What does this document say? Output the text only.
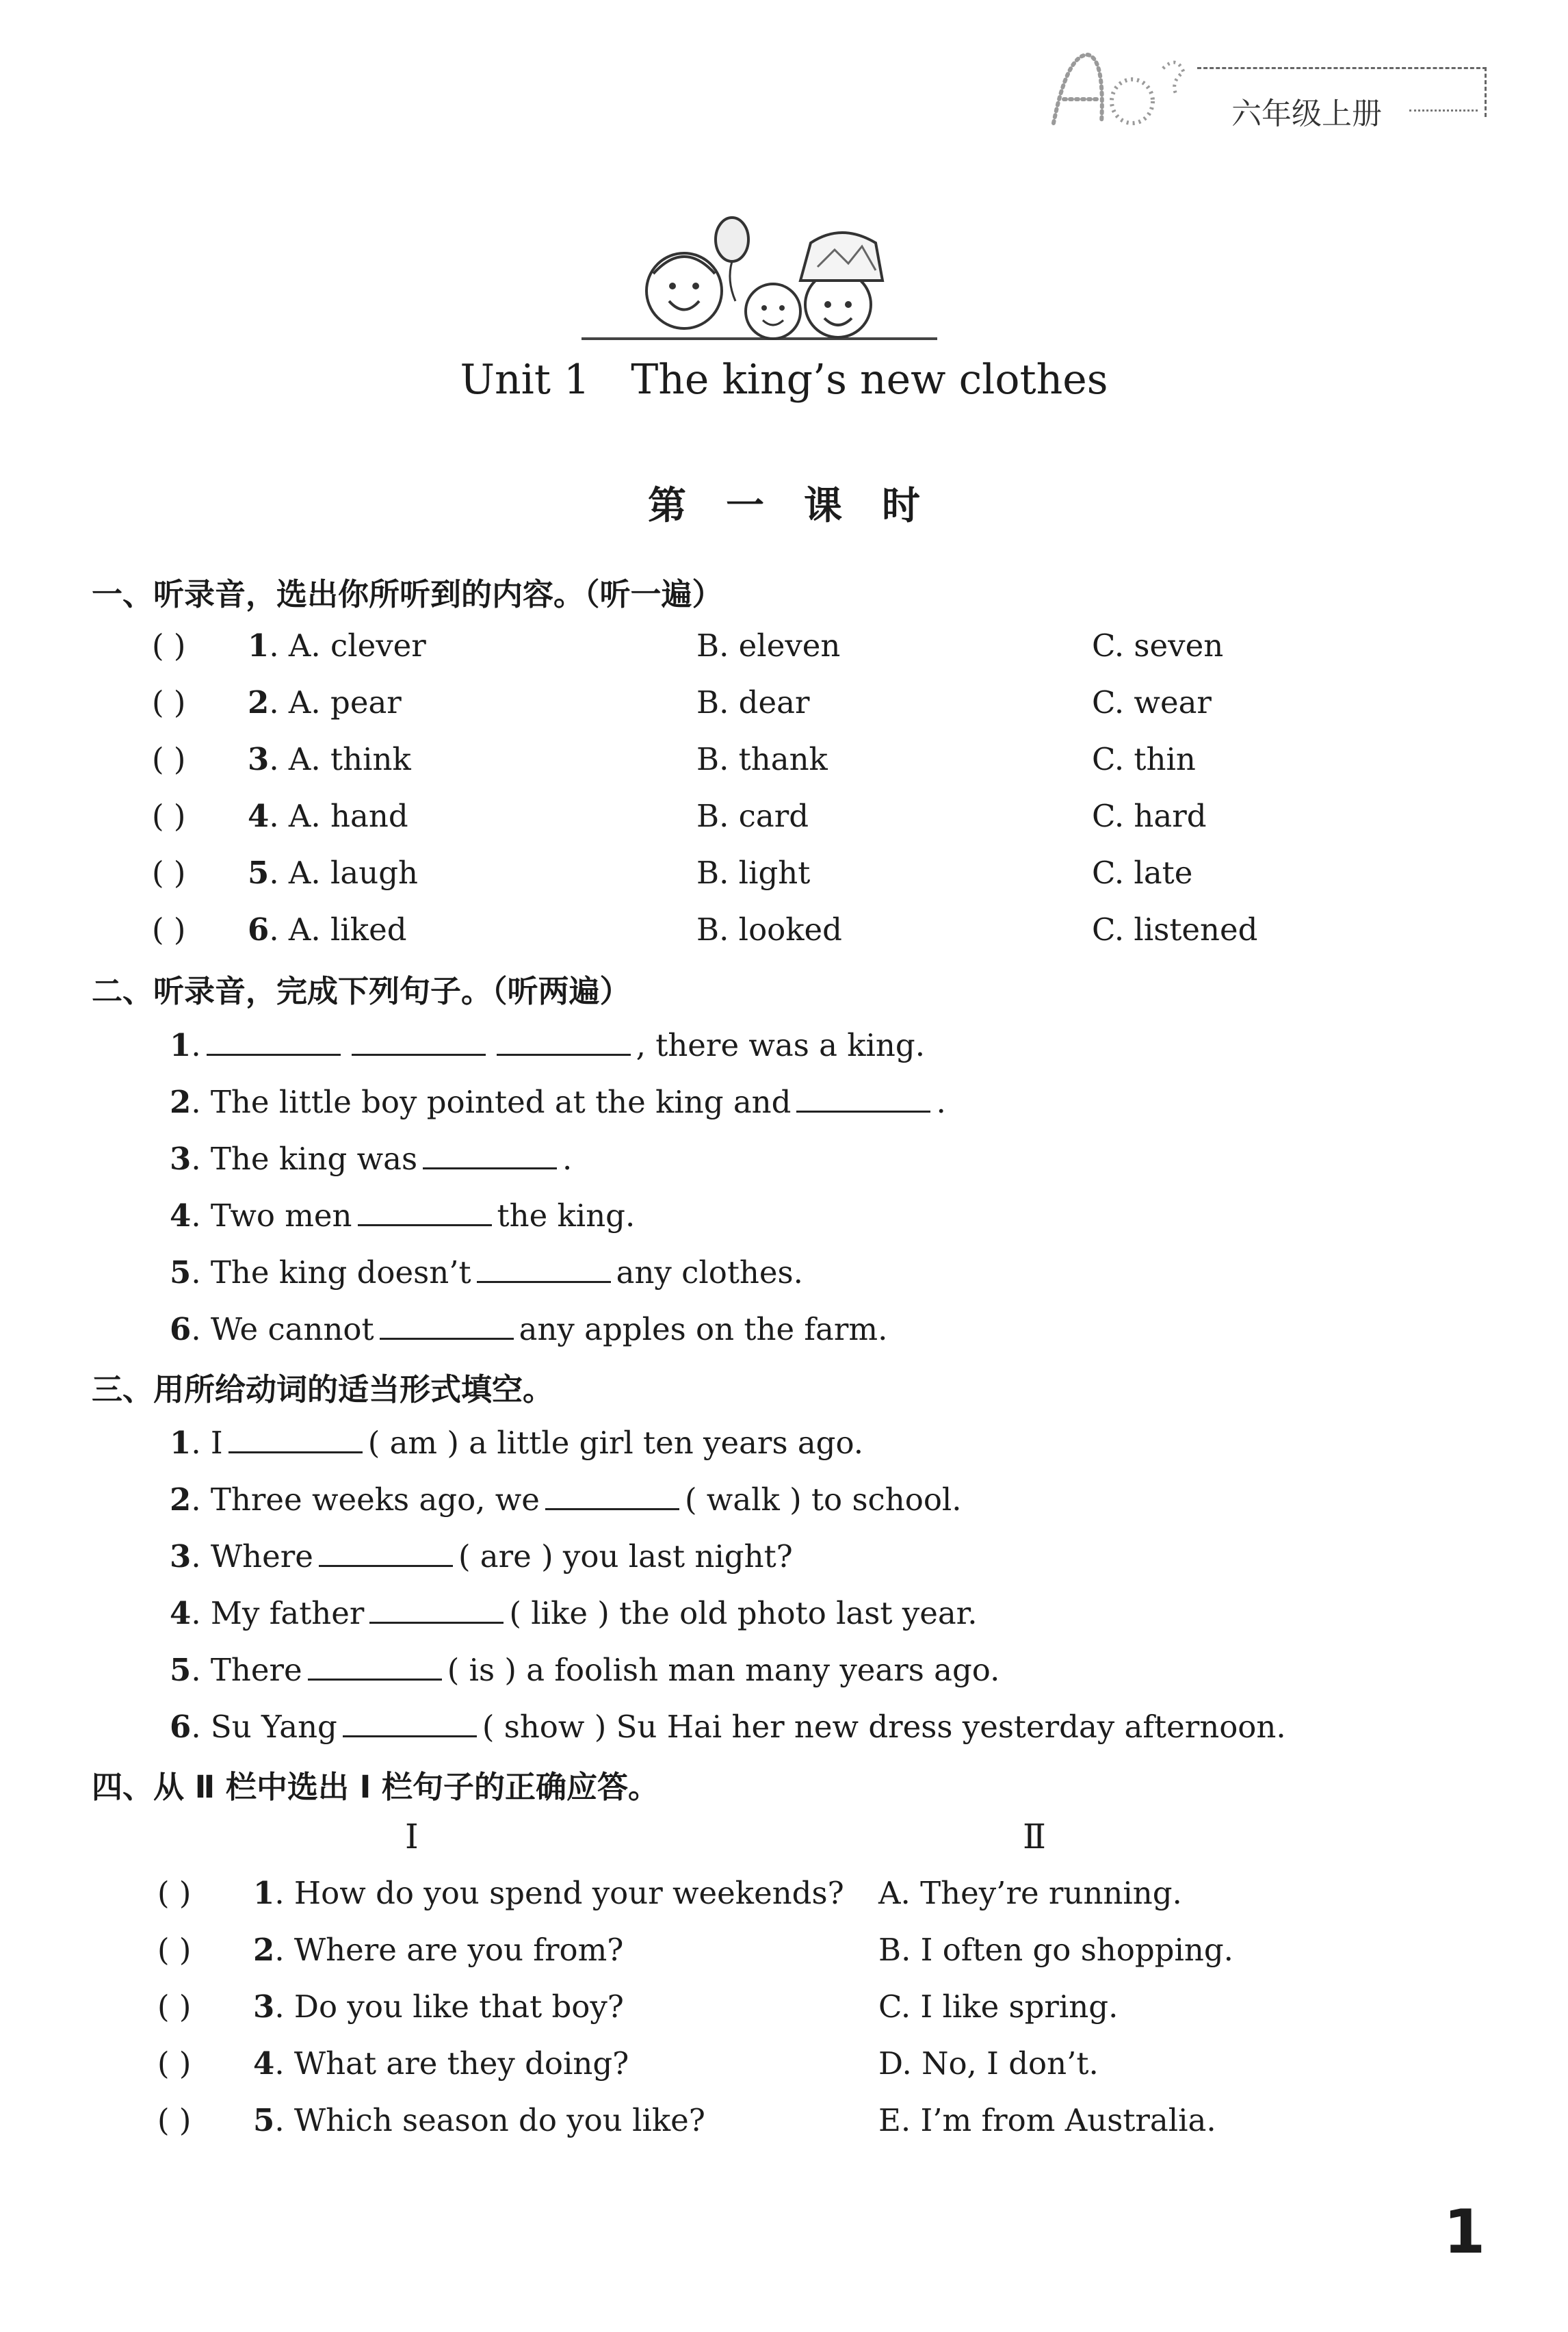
六年级上册
Unit 1 The king’s new clothes
第一课时
一、听录音，选出你所听到的内容。（听一遍）
( ) 1. A. clever	B. eleven	C. seven
( ) 2. A. pear	B. dear	C. wear
( ) 3. A. think	B. thank	C. thin
( ) 4. A. hand	B. card	C. hard
( ) 5. A. laugh	B. light	C. late
( ) 6. A. liked	B. looked	C. listened
二、听录音，完成下列句子。（听两遍）
1.	, there was a king.
2. The little boy pointed at the king and	.
3. The king was	.
4. Two men	the king.
5. The king doesn’t	any clothes.
6. We cannot	any apples on the farm.
三、用所给动词的适当形式填空。
1. I	( am ) a little girl ten years ago.
2. Three weeks ago, we	( walk ) to school.
3. Where	( are ) you last night?
4. My father	( like ) the old photo last year.
5. There	( is ) a foolish man many years ago.
6. Su Yang	( show ) Su Hai her new dress yesterday afternoon.
四、从 Ⅱ 栏中选出 Ⅰ 栏句子的正确应答。
Ⅰ	Ⅱ
( ) 1. How do you spend your weekends? A. They’re running.
( ) 2. Where are you from?	B. I often go shopping.
( ) 3. Do you like that boy?	C. I like spring.
( ) 4. What are they doing?	D. No, I don’t.
( ) 5. Which season do you like?	E. I’m from Australia.
1
